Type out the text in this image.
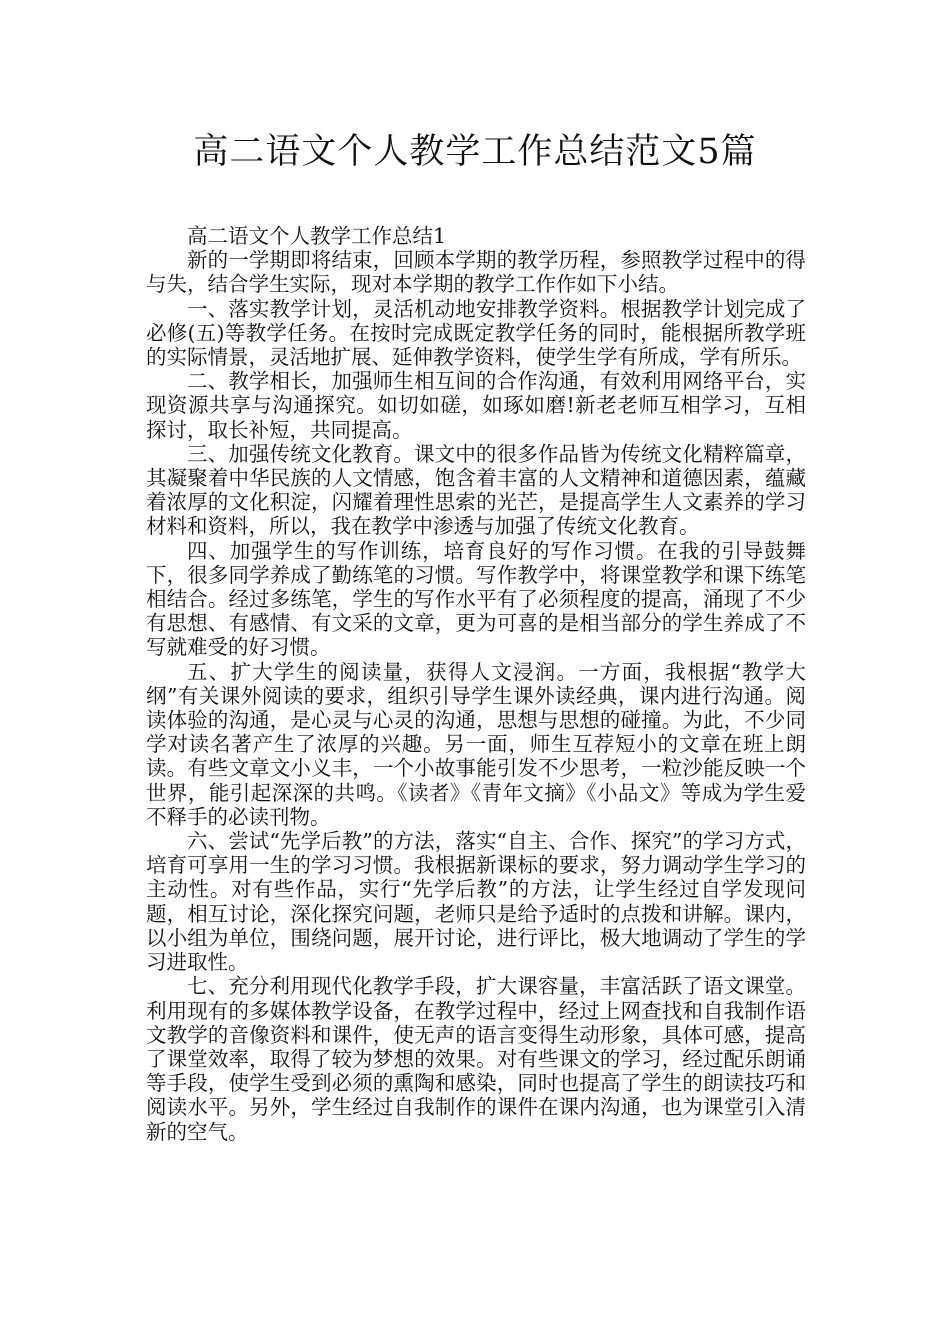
高二语文个人教学工作总结范文5篇

高二语文个人教学工作总结1

新的一学期即将结束，回顾本学期的教学历程，参照教学过程中的得与失，结合学生实际，现对本学期的教学工作作如下小结。

一、落实教学计划，灵活机动地安排教学资料。根据教学计划完成了必修(五)等教学任务。在按时完成既定教学任务的同时，能根据所教学班的实际情景，灵活地扩展、延伸教学资料，使学生学有所成，学有所乐。

二、教学相长，加强师生相互间的合作沟通，有效利用网络平台，实现资源共享与沟通探究。如切如磋，如琢如磨!新老老师互相学习，互相探讨，取长补短，共同提高。

三、加强传统文化教育。课文中的很多作品皆为传统文化精粹篇章，其凝聚着中华民族的人文情感，饱含着丰富的人文精神和道德因素，蕴藏着浓厚的文化积淀，闪耀着理性思索的光芒，是提高学生人文素养的学习材料和资料，所以，我在教学中渗透与加强了传统文化教育。

四、加强学生的写作训练，培育良好的写作习惯。在我的引导鼓舞下，很多同学养成了勤练笔的习惯。写作教学中，将课堂教学和课下练笔相结合。经过多练笔，学生的写作水平有了必须程度的提高，涌现了不少有思想、有感情、有文采的文章，更为可喜的是相当部分的学生养成了不写就难受的好习惯。

五、扩大学生的阅读量，获得人文浸润。一方面，我根据“教学大纲”有关课外阅读的要求，组织引导学生课外读经典，课内进行沟通。阅读体验的沟通，是心灵与心灵的沟通，思想与思想的碰撞。为此，不少同学对读名著产生了浓厚的兴趣。另一面，师生互荐短小的文章在班上朗读。有些文章文小义丰，一个小故事能引发不少思考，一粒沙能反映一个世界，能引起深深的共鸣。《读者》《青年文摘》《小品文》等成为学生爱不释手的必读刊物。

六、尝试“先学后教”的方法，落实“自主、合作、探究”的学习方式，培育可享用一生的学习习惯。我根据新课标的要求，努力调动学生学习的主动性。对有些作品，实行“先学后教”的方法，让学生经过自学发现问题，相互讨论，深化探究问题，老师只是给予适时的点拨和讲解。课内，以小组为单位，围绕问题，展开讨论，进行评比，极大地调动了学生的学习进取性。

七、充分利用现代化教学手段，扩大课容量，丰富活跃了语文课堂。利用现有的多媒体教学设备，在教学过程中，经过上网查找和自我制作语文教学的音像资料和课件，使无声的语言变得生动形象，具体可感，提高了课堂效率，取得了较为梦想的效果。对有些课文的学习，经过配乐朗诵等手段，使学生受到必须的熏陶和感染，同时也提高了学生的朗读技巧和阅读水平。另外，学生经过自我制作的课件在课内沟通，也为课堂引入清新的空气。
